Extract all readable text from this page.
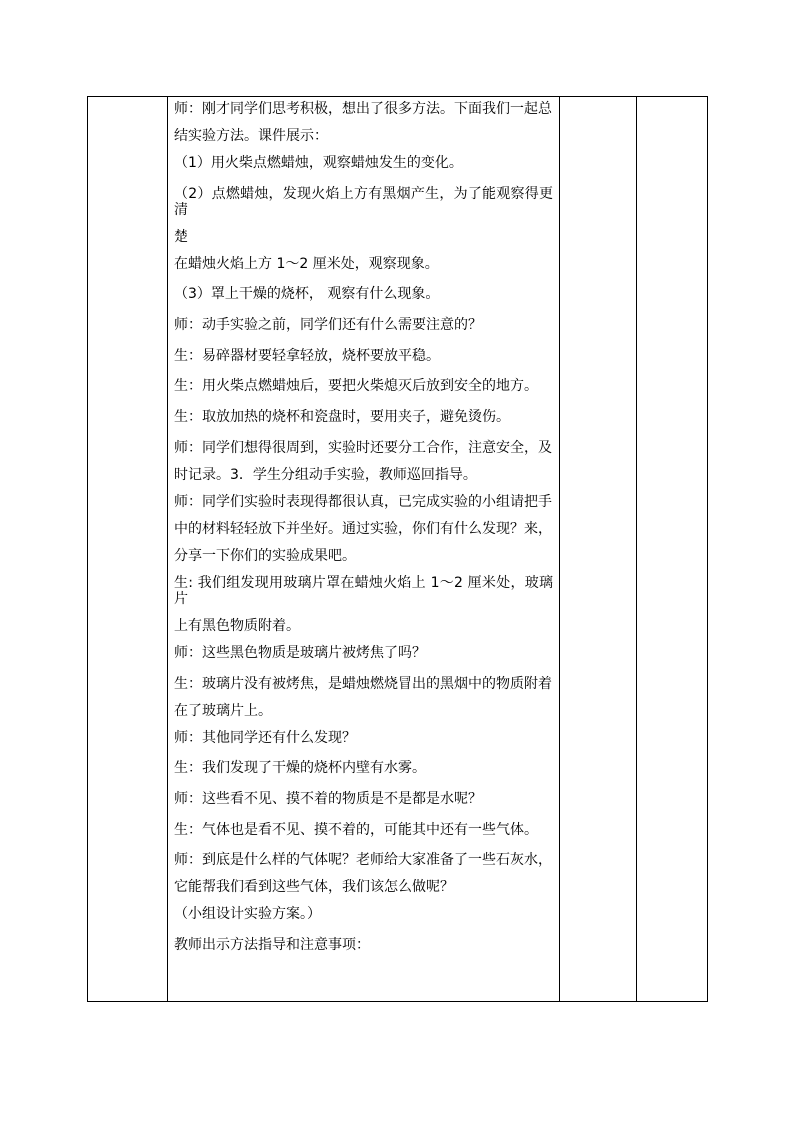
师：刚才同学们思考积极，想出了很多方法。下面我们一起总
结实验方法。课件展示：

（1）用火柴点燃蜡烛，观察蜡烛发生的变化。

（2）点燃蜡烛，发现火焰上方有黑烟产生，为了能观察得更清
楚

在蜡烛火焰上方 1～2 厘米处，观察现象。

（3）罩上干燥的烧杯， 观察有什么现象。

师：动手实验之前，同学们还有什么需要注意的？

生：易碎器材要轻拿轻放，烧杯要放平稳。

生：用火柴点燃蜡烛后，要把火柴熄灭后放到安全的地方。

生：取放加热的烧杯和瓷盘时，要用夹子，避免烫伤。

师：同学们想得很周到，实验时还要分工合作，注意安全，及
时记录。3．学生分组动手实验，教师巡回指导。

师：同学们实验时表现得都很认真，已完成实验的小组请把手
中的材料轻轻放下并坐好。通过实验，你们有什么发现？来，
分享一下你们的实验成果吧。

生: 我们组发现用玻璃片罩在蜡烛火焰上 1～2 厘米处，玻璃片
上有黑色物质附着。

师：这些黑色物质是玻璃片被烤焦了吗？

生：玻璃片没有被烤焦，是蜡烛燃烧冒出的黑烟中的物质附着
在了玻璃片上。

师：其他同学还有什么发现？

生：我们发现了干燥的烧杯内壁有水雾。

师：这些看不见、摸不着的物质是不是都是水呢？

生：气体也是看不见、摸不着的，可能其中还有一些气体。

师：到底是什么样的气体呢？老师给大家准备了一些石灰水，
它能帮我们看到这些气体，我们该怎么做呢？

（小组设计实验方案。）

教师出示方法指导和注意事项：
